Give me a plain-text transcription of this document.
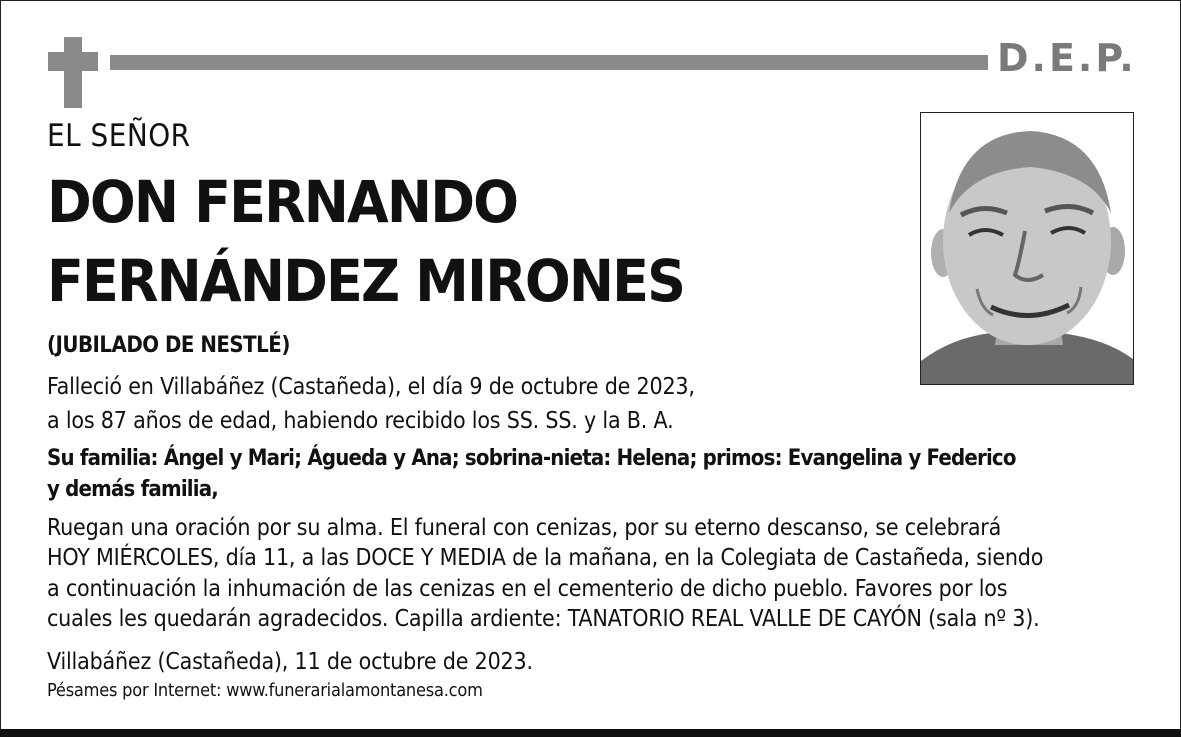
D.E.P.
EL SEÑOR
DON FERNANDO
FERNÁNDEZ MIRONES
(JUBILADO DE NESTLÉ)
Falleció en Villabáñez (Castañeda), el día 9 de octubre de 2023,
a los 87 años de edad, habiendo recibido los SS. SS. y la B. A.
Su familia: Ángel y Mari; Águeda y Ana; sobrina-nieta: Helena; primos: Evangelina y Federico
y demás familia,
Ruegan una oración por su alma. El funeral con cenizas, por su eterno descanso, se celebrará
HOY MIÉRCOLES, día 11, a las DOCE Y MEDIA de la mañana, en la Colegiata de Castañeda, siendo
a continuación la inhumación de las cenizas en el cementerio de dicho pueblo. Favores por los
cuales les quedarán agradecidos. Capilla ardiente: TANATORIO REAL VALLE DE CAYÓN (sala nº 3).
Villabáñez (Castañeda), 11 de octubre de 2023.
Pésames por Internet: www.funerarialamontanesa.com
